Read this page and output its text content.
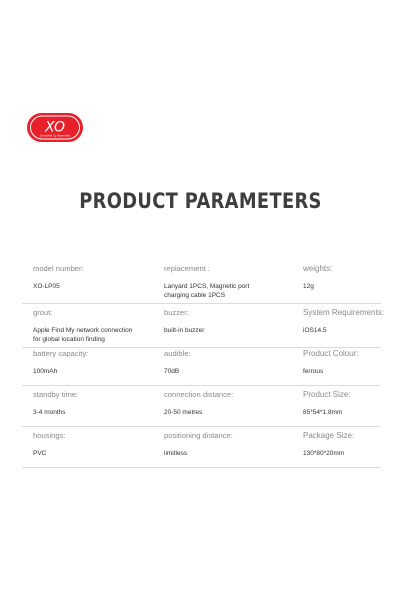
XO
Complete Cy Essentials
PRODUCT PARAMETERS
model number:
XO-LP05
replacement :
Lanyard 1PCS, Magnetic port
charging cable 1PCS
weights:
12g
grout:
Apple Find My network connection
for global location finding
buzzer:
built-in buzzer
System Requirements:
iOS14.5
battery capacity:
100mAh
audible:
70dB
Product Colour:
ferrous
standby time:
3-4 months
connection distance:
20-50 metres
Product Size:
85*54*1.8mm
housings:
PVC
positioning distance:
limitless
Package Size:
130*80*20mm
